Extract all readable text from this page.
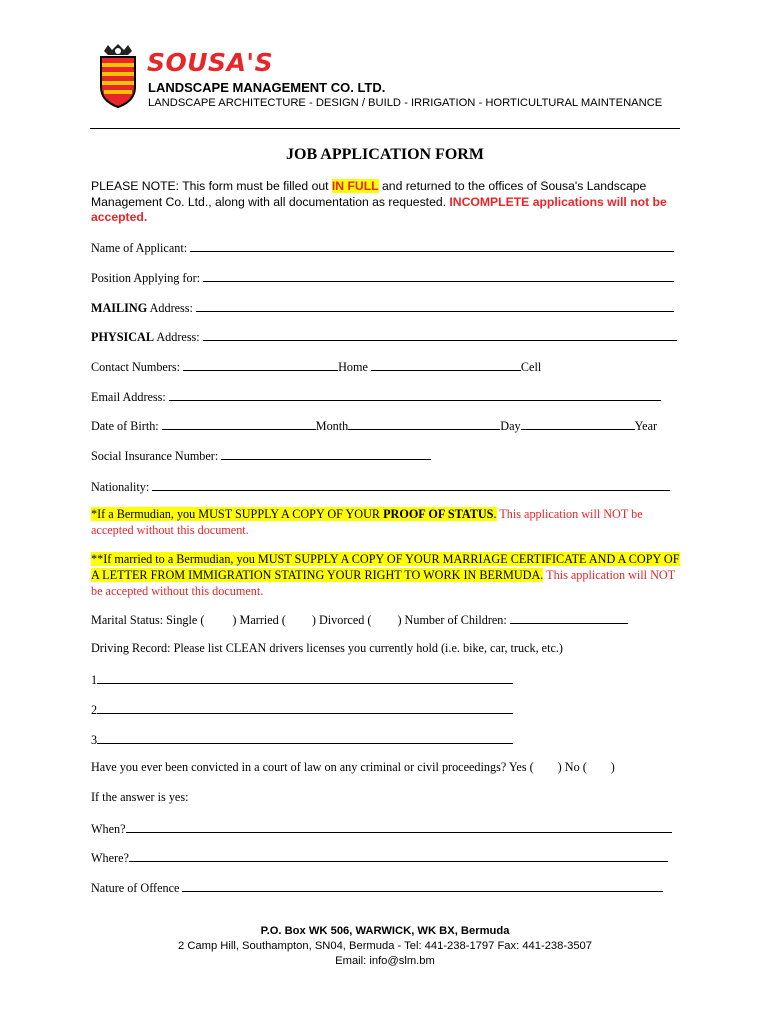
SOUSA'S
LANDSCAPE MANAGEMENT CO. LTD.
LANDSCAPE ARCHITECTURE - DESIGN / BUILD - IRRIGATION - HORTICULTURAL MAINTENANCE
JOB APPLICATION FORM
PLEASE NOTE: This form must be filled out IN FULL and returned to the offices of Sousa's Landscape Management Co. Ltd., along with all documentation as requested. INCOMPLETE applications will not be accepted.
Name of Applicant:
Position Applying for:
MAILING Address:
PHYSICAL Address:
Contact Numbers:	Home	Cell
Email Address:
Date of Birth:	Month	Day	Year
Social Insurance Number:
Nationality:
*If a Bermudian, you MUST SUPPLY A COPY OF YOUR PROOF OF STATUS. This application will NOT be accepted without this document.
**If married to a Bermudian, you MUST SUPPLY A COPY OF YOUR MARRIAGE CERTIFICATE AND A COPY OF A LETTER FROM IMMIGRATION STATING YOUR RIGHT TO WORK IN BERMUDA. This application will NOT be accepted without this document.
Marital Status: Single ( ) Married ( ) Divorced ( ) Number of Children:
Driving Record: Please list CLEAN drivers licenses you currently hold (i.e. bike, car, truck, etc.)
1
2
3
Have you ever been convicted in a court of law on any criminal or civil proceedings? Yes ( ) No ( )
If the answer is yes:
When?
Where?
Nature of Offence
P.O. Box WK 506, WARWICK, WK BX, Bermuda
2 Camp Hill, Southampton, SN04, Bermuda - Tel: 441-238-1797 Fax: 441-238-3507
Email: info@slm.bm
